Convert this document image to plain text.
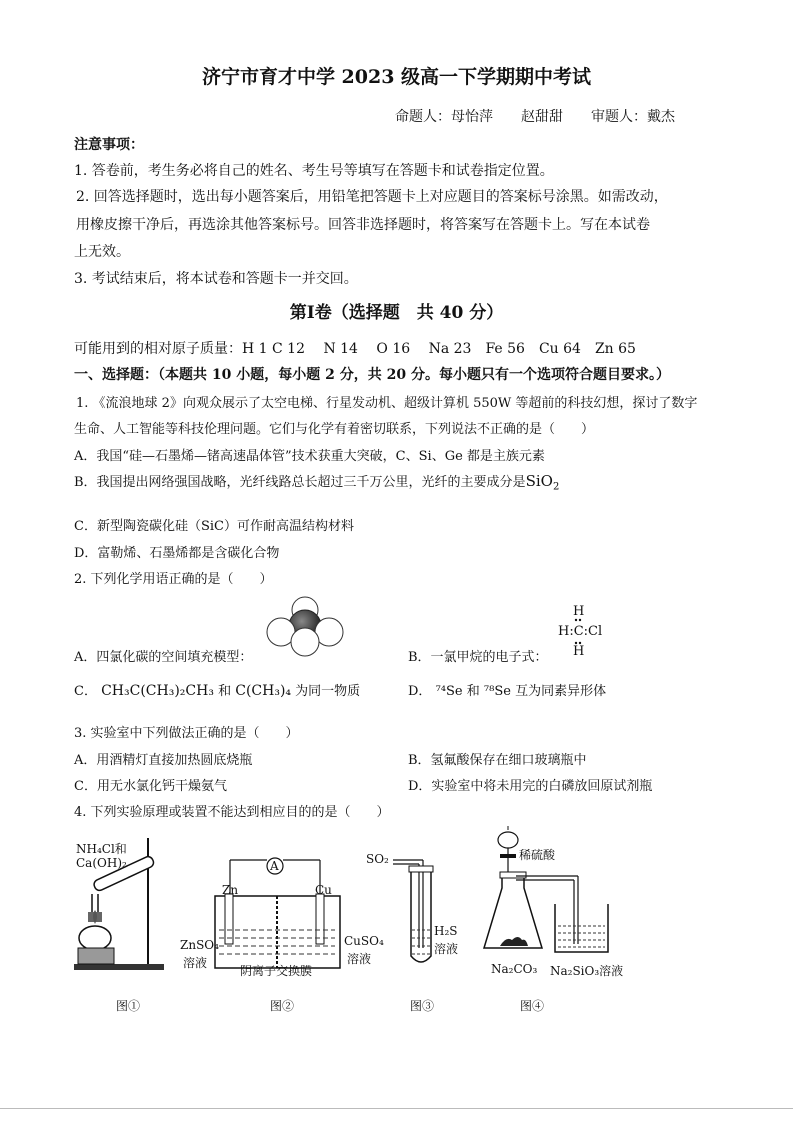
济宁市育才中学 2023 级高一下学期期中考试
命题人：母怡萍　　赵甜甜　　审题人：戴杰
注意事项：
1. 答卷前，考生务必将自己的姓名、考生号等填写在答题卡和试卷指定位置。
2. 回答选择题时，选出每小题答案后，用铅笔把答题卡上对应题目的答案标号涂黑。如需改动，
用橡皮擦干净后，再选涂其他答案标号。回答非选择题时，将答案写在答题卡上。写在本试卷
上无效。
3. 考试结束后，将本试卷和答题卡一并交回。
第Ⅰ卷（选择题　共 40 分）
可能用到的相对原子质量：H 1 C 12　 N 14　 O 16　 Na 23　Fe 56　Cu 64　Zn 65
一、选择题：（本题共 10 小题，每小题 2 分，共 20 分。每小题只有一个选项符合题目要求。）
1. 《流浪地球 2》向观众展示了太空电梯、行星发动机、超级计算机 550W 等超前的科技幻想，探讨了数字
生命、人工智能等科技伦理问题。它们与化学有着密切联系，下列说法不正确的是（　　）
A．我国“硅—石墨烯—锗高速晶体管”技术获重大突破，C、Si、Ge 都是主族元素
B．我国提出网络强国战略，光纤线路总长超过三千万公里，光纤的主要成分是SiO$_2$
C．新型陶瓷碳化硅（SiC）可作耐高温结构材料
D．富勒烯、石墨烯都是含碳化合物
2. 下列化学用语正确的是（　　）
A．四氯化碳的空间填充模型：	B．一氯甲烷的电子式：
H
H:C:Cl
H
C． CH₃C(CH₃)₂CH₃ 和 C(CH₃)₄ 为同一物质	D． ⁷⁴Se 和 ⁷⁸Se 互为同素异形体
3. 实验室中下列做法正确的是（　　）
A．用酒精灯直接加热圆底烧瓶	B．氢氟酸保存在细口玻璃瓶中
C．用无水氯化钙干燥氨气	D．实验室中将未用完的白磷放回原试剂瓶
4. 下列实验原理或装置不能达到相应目的的是（　　）
NH₄Cl和
Ca(OH)₂
图①
A
Zn	Cu
ZnSO₄
溶液
CuSO₄
溶液
阴离子交换膜
图②
SO₂
H₂S
溶液
图③
稀硫酸
Na₂CO₃ Na₂SiO₃溶液
图④
